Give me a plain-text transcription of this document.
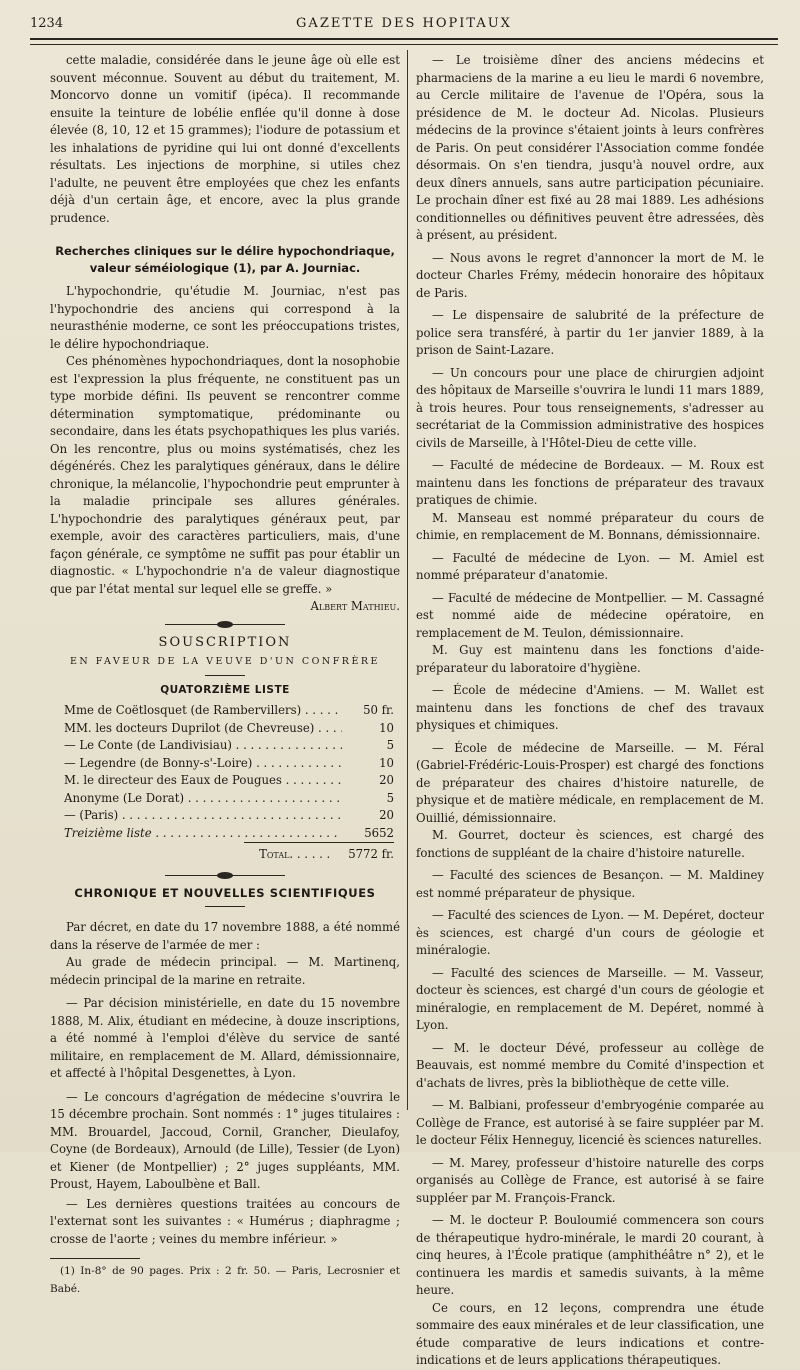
1234	GAZETTE DES HOPITAUX

cette maladie, considérée dans le jeune âge où elle est souvent méconnue. Souvent au début du traitement, M. Moncorvo donne un vomitif (ipéca). Il recommande ensuite la teinture de lobélie enflée qu'il donne à dose élevée (8, 10, 12 et 15 grammes); l'iodure de potassium et les inhalations de pyridine qui lui ont donné d'excellents résultats. Les injections de morphine, si utiles chez l'adulte, ne peuvent être employées que chez les enfants déjà d'un certain âge, et encore, avec la plus grande prudence.

Recherches cliniques sur le délire hypochondriaque, valeur séméiologique (1), par A. Journiac.

L'hypochondrie, qu'étudie M. Journiac, n'est pas l'hypochondrie des anciens qui correspond à la neurasthénie moderne, ce sont les préoccupations tristes, le délire hypochondriaque.

Ces phénomènes hypochondriaques, dont la nosophobie est l'expression la plus fréquente, ne constituent pas un type morbide défini. Ils peuvent se rencontrer comme détermination symptomatique, prédominante ou secondaire, dans les états psychopathiques les plus variés. On les rencontre, plus ou moins systématisés, chez les dégénérés. Chez les paralytiques généraux, dans le délire chronique, la mélancolie, l'hypochondrie peut emprunter à la maladie principale ses allures générales. L'hypochondrie des paralytiques généraux peut, par exemple, avoir des caractères particuliers, mais, d'une façon générale, ce symptôme ne suffit pas pour établir un diagnostic. « L'hypochondrie n'a de valeur diagnostique que par l'état mental sur lequel elle se greffe. »

Albert Mathieu.

SOUSCRIPTION

EN FAVEUR DE LA VEUVE D'UN CONFRÈRE

QUATORZIÈME LISTE

Mme de Coëtlosquet (de Rambervillers) . . .	50 fr.
MM. les docteurs Duprilot (de Chevreuse) . . .	10
— Le Conte (de Landivisiau) . . .	5
— Legendre (de Bonny-s'-Loire) . . .	10
M. le directeur des Eaux de Pougues . . .	20
Anonyme (Le Dorat) . . .	5
— (Paris) . . .	20
Treizième liste . . .	5652
Total. . . . . . 5772 fr.

CHRONIQUE ET NOUVELLES SCIENTIFIQUES

Par décret, en date du 17 novembre 1888, a été nommé dans la réserve de l'armée de mer :

Au grade de médecin principal. — M. Martinenq, médecin principal de la marine en retraite.

— Par décision ministérielle, en date du 15 novembre 1888, M. Alix, étudiant en médecine, à douze inscriptions, a été nommé à l'emploi d'élève du service de santé militaire, en remplacement de M. Allard, démissionnaire, et affecté à l'hôpital Desgenettes, à Lyon.

— Le concours d'agrégation de médecine s'ouvrira le 15 décembre prochain. Sont nommés : 1° juges titulaires : MM. Brouardel, Jaccoud, Cornil, Grancher, Dieulafoy, Coyne (de Bordeaux), Arnould (de Lille), Tessier (de Lyon) et Kiener (de Montpellier) ; 2° juges suppléants, MM. Proust, Hayem, Laboulbène et Ball.

— Les dernières questions traitées au concours de l'externat sont les suivantes : « Humérus ; diaphragme ; crosse de l'aorte ; veines du membre inférieur. »

(1) In-8° de 90 pages. Prix : 2 fr. 50. — Paris, Lecrosnier et Babé.

— Le troisième dîner des anciens médecins et pharmaciens de la marine a eu lieu le mardi 6 novembre, au Cercle militaire de l'avenue de l'Opéra, sous la présidence de M. le docteur Ad. Nicolas. Plusieurs médecins de la province s'étaient joints à leurs confrères de Paris. On peut considérer l'Association comme fondée désormais. On s'en tiendra, jusqu'à nouvel ordre, aux deux dîners annuels, sans autre participation pécuniaire. Le prochain dîner est fixé au 28 mai 1889. Les adhésions conditionnelles ou définitives peuvent être adressées, dès à présent, au président.

— Nous avons le regret d'annoncer la mort de M. le docteur Charles Frémy, médecin honoraire des hôpitaux de Paris.

— Le dispensaire de salubrité de la préfecture de police sera transféré, à partir du 1er janvier 1889, à la prison de Saint-Lazare.

— Un concours pour une place de chirurgien adjoint des hôpitaux de Marseille s'ouvrira le lundi 11 mars 1889, à trois heures. Pour tous renseignements, s'adresser au secrétariat de la Commission administrative des hospices civils de Marseille, à l'Hôtel-Dieu de cette ville.

— Faculté de médecine de Bordeaux. — M. Roux est maintenu dans les fonctions de préparateur des travaux pratiques de chimie.

M. Manseau est nommé préparateur du cours de chimie, en remplacement de M. Bonnans, démissionnaire.

— Faculté de médecine de Lyon. — M. Amiel est nommé préparateur d'anatomie.

— Faculté de médecine de Montpellier. — M. Cassagné est nommé aide de médecine opératoire, en remplacement de M. Teulon, démissionnaire.

M. Guy est maintenu dans les fonctions d'aide-préparateur du laboratoire d'hygiène.

— École de médecine d'Amiens. — M. Wallet est maintenu dans les fonctions de chef des travaux physiques et chimiques.

— École de médecine de Marseille. — M. Féral (Gabriel-Frédéric-Louis-Prosper) est chargé des fonctions de préparateur des chaires d'histoire naturelle, de physique et de matière médicale, en remplacement de M. Ouillié, démissionnaire.

M. Gourret, docteur ès sciences, est chargé des fonctions de suppléant de la chaire d'histoire naturelle.

— Faculté des sciences de Besançon. — M. Maldiney est nommé préparateur de physique.

— Faculté des sciences de Lyon. — M. Depéret, docteur ès sciences, est chargé d'un cours de géologie et minéralogie.

— Faculté des sciences de Marseille. — M. Vasseur, docteur ès sciences, est chargé d'un cours de géologie et minéralogie, en remplacement de M. Depéret, nommé à Lyon.

— M. le docteur Dévé, professeur au collège de Beauvais, est nommé membre du Comité d'inspection et d'achats de livres, près la bibliothèque de cette ville.

— M. Balbiani, professeur d'embryogénie comparée au Collège de France, est autorisé à se faire suppléer par M. le docteur Félix Henneguy, licencié ès sciences naturelles.

— M. Marey, professeur d'histoire naturelle des corps organisés au Collège de France, est autorisé à se faire suppléer par M. François-Franck.

— M. le docteur P. Bouloumié commencera son cours de thérapeutique hydro-minérale, le mardi 20 courant, à cinq heures, à l'École pratique (amphithéâtre n° 2), et le continuera les mardis et samedis suivants, à la même heure.

Ce cours, en 12 leçons, comprendra une étude sommaire des eaux minérales et de leur classification, une étude comparative de leurs indications et contre-indications et de leurs applications thérapeutiques.
